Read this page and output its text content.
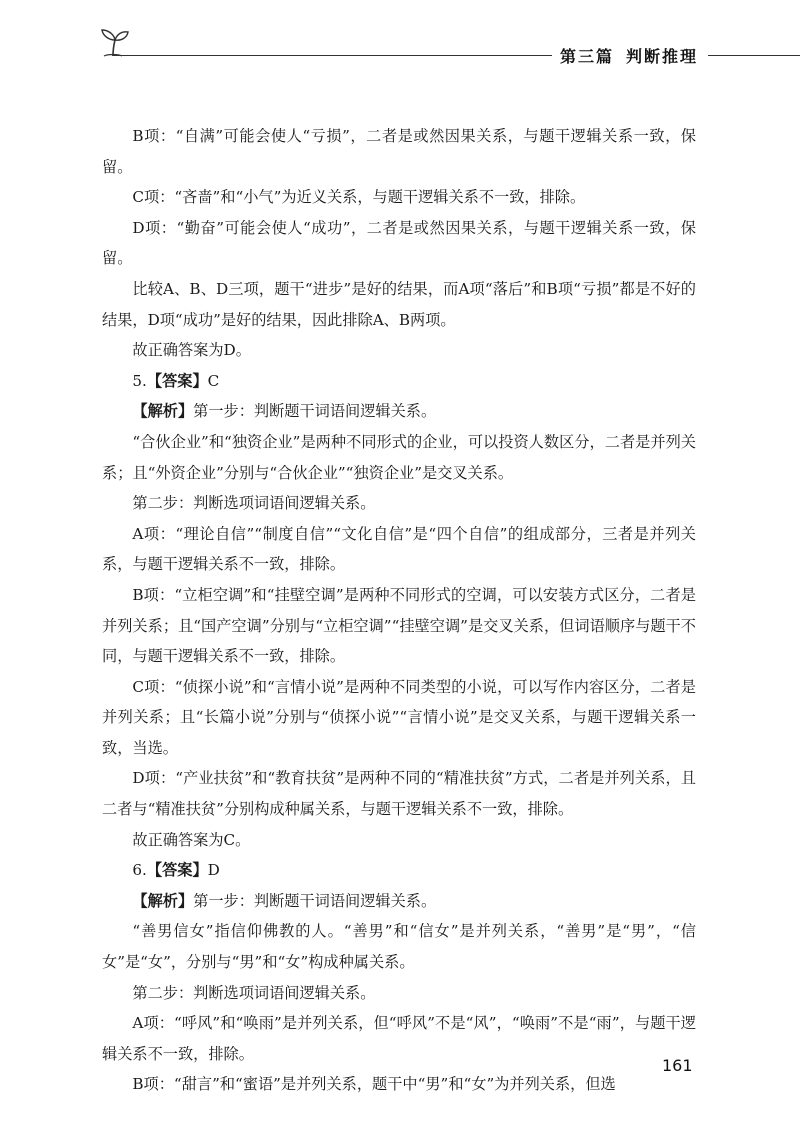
第三篇 判断推理

B项：“自满”可能会使人“亏损”，二者是或然因果关系，与题干逻辑关系一致，保留。

C项：“吝啬”和“小气”为近义关系，与题干逻辑关系不一致，排除。

D项：“勤奋”可能会使人“成功”，二者是或然因果关系，与题干逻辑关系一致，保留。

比较A、B、D三项，题干“进步”是好的结果，而A项“落后”和B项“亏损”都是不好的结果，D项“成功”是好的结果，因此排除A、B两项。

故正确答案为D。

5.【答案】C

【解析】第一步：判断题干词语间逻辑关系。

“合伙企业”和“独资企业”是两种不同形式的企业，可以投资人数区分，二者是并列关系；且“外资企业”分别与“合伙企业”“独资企业”是交叉关系。

第二步：判断选项词语间逻辑关系。

A项：“理论自信”“制度自信”“文化自信”是“四个自信”的组成部分，三者是并列关系，与题干逻辑关系不一致，排除。

B项：“立柜空调”和“挂壁空调”是两种不同形式的空调，可以安装方式区分，二者是并列关系；且“国产空调”分别与“立柜空调”“挂壁空调”是交叉关系，但词语顺序与题干不同，与题干逻辑关系不一致，排除。

C项：“侦探小说”和“言情小说”是两种不同类型的小说，可以写作内容区分，二者是并列关系；且“长篇小说”分别与“侦探小说”“言情小说”是交叉关系，与题干逻辑关系一致，当选。

D项：“产业扶贫”和“教育扶贫”是两种不同的“精准扶贫”方式，二者是并列关系，且二者与“精准扶贫”分别构成种属关系，与题干逻辑关系不一致，排除。

故正确答案为C。

6.【答案】D

【解析】第一步：判断题干词语间逻辑关系。

“善男信女”指信仰佛教的人。“善男”和“信女”是并列关系，“善男”是“男”，“信女”是“女”，分别与“男”和“女”构成种属关系。

第二步：判断选项词语间逻辑关系。

A项：“呼风”和“唤雨”是并列关系，但“呼风”不是“风”，“唤雨”不是“雨”，与题干逻辑关系不一致，排除。

B项：“甜言”和“蜜语”是并列关系，题干中“男”和“女”为并列关系，但选

161
